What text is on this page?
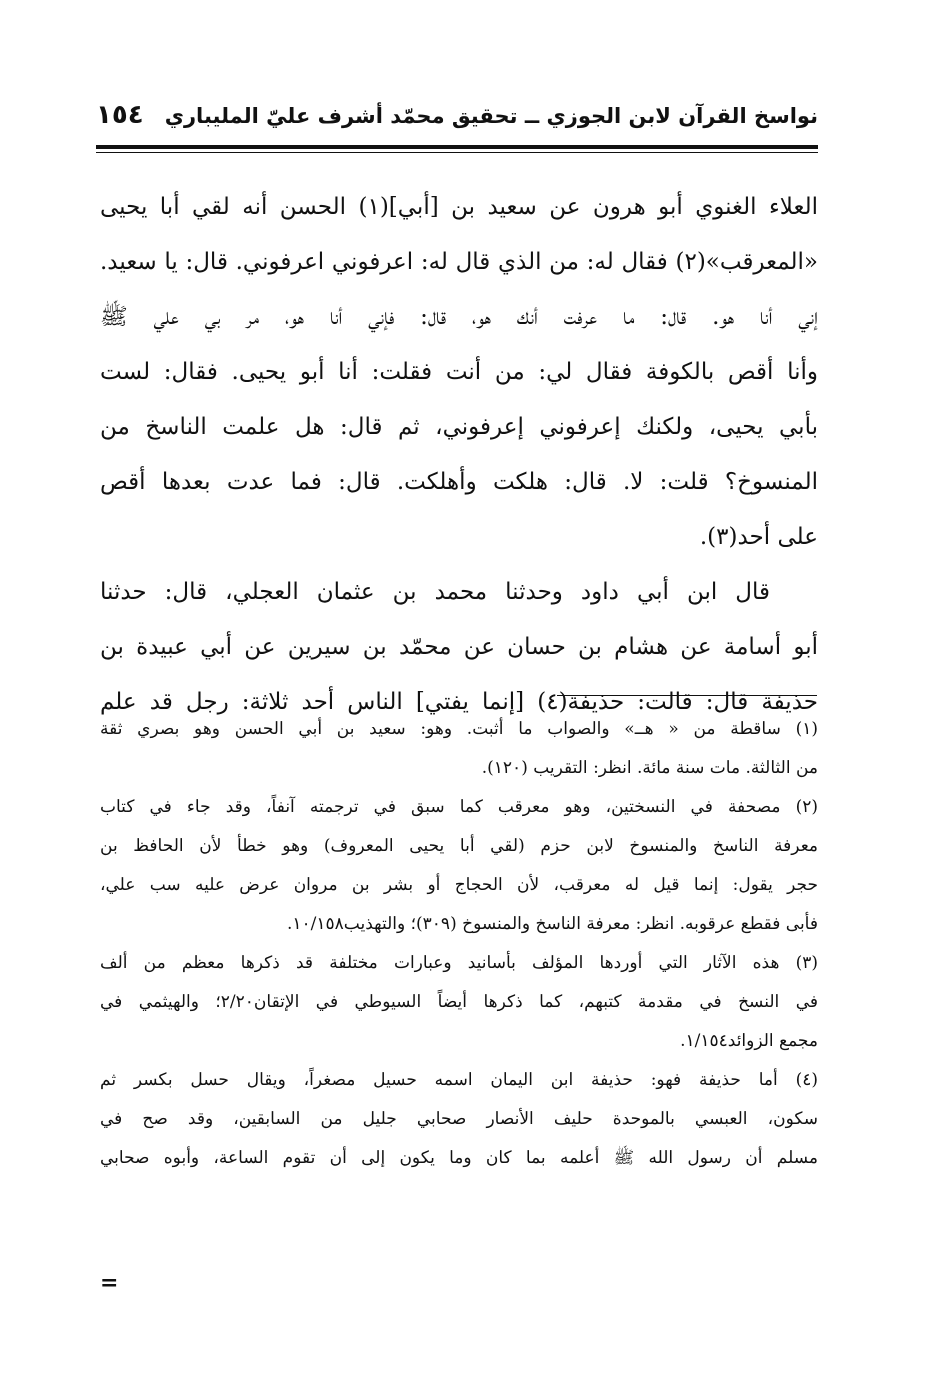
نواسخ القرآن لابن الجوزي ــ تحقيق محمّد أشرف عليّ المليباري
١٥٤
العلاء الغنوي أبو هرون عن سعيد بن [أبي](١) الحسن أنه لقي أبا يحيى
«المعرقب»(٢) فقال له: من الذي قال له: اعرفوني اعرفوني. قال: يا سعيد.
إني أنا هو. قال: ما عرفت أنك هو، قال: فإني أنا هو، مر بي علي ﷺ
وأنا أقص بالكوفة فقال لي: من أنت فقلت: أنا أبو يحيى. فقال: لست
بأبي يحيى، ولكنك إعرفوني إعرفوني، ثم قال: هل علمت الناسخ من
المنسوخ؟ قلت: لا. قال: هلكت وأهلكت. قال: فما عدت بعدها أقص
على أحد(٣).
قال ابن أبي داود وحدثنا محمد بن عثمان العجلي، قال: حدثنا
أبو أسامة عن هشام بن حسان عن محمّد بن سيرين عن أبي عبيدة بن
حذيفة قال: قالت: حذيفة(٤) [إنما يفتي] الناس أحد ثلاثة: رجل قد علم
(١) ساقطة من « هــ» والصواب ما أثبت. وهو: سعيد بن أبي الحسن وهو بصري ثقة
من الثالثة. مات سنة مائة. انظر: التقريب (١٢٠).
(٢) مصحفة في النسختين، وهو معرقب كما سبق في ترجمته آنفاً، وقد جاء في كتاب
معرفة الناسخ والمنسوخ لابن حزم (لقي أبا يحيى المعروف) وهو خطأ لأن الحافظ بن
حجر يقول: إنما قيل له معرقب، لأن الحجاج أو بشر بن مروان عرض عليه سب علي،
فأبى فقطع عرقوبه. انظر: معرفة الناسخ والمنسوخ (٣٠٩)؛ والتهذيب١٠/١٥٨.
(٣) هذه الآثار التي أوردها المؤلف بأسانيد وعبارات مختلفة قد ذكرها معظم من ألف
في النسخ في مقدمة كتبهم، كما ذكرها أيضاً السيوطي في الإتقان٢/٢٠؛ والهيثمي في
مجمع الزوائد١/١٥٤.
(٤) أما حذيفة فهو: حذيفة ابن اليمان اسمه حسيل مصغراً، ويقال حسل بكسر ثم
سكون، العبسي بالموحدة حليف الأنصار صحابي جليل من السابقين، وقد صح في
مسلم أن رسول الله ﷺ أعلمه بما كان وما يكون إلى أن تقوم الساعة، وأبوه صحابي
=
